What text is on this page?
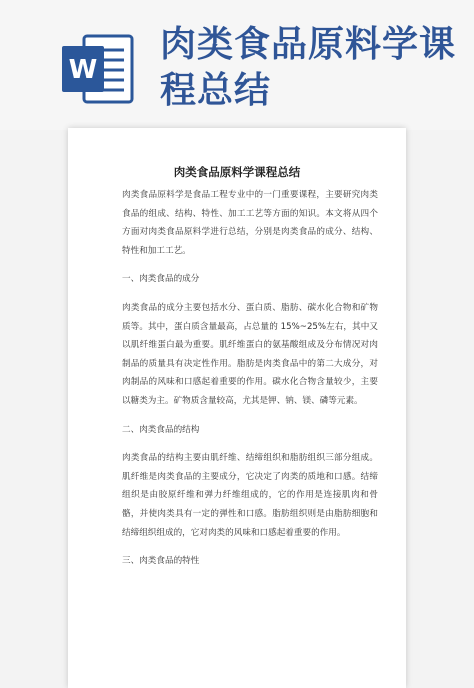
W
肉类食品原料学课程总结
肉类食品原料学课程总结

肉类食品原料学是食品工程专业中的一门重要课程，主要研究肉类食品的组成、结构、特性、加工工艺等方面的知识。本文将从四个方面对肉类食品原料学进行总结，分别是肉类食品的成分、结构、特性和加工工艺。

一、肉类食品的成分

肉类食品的成分主要包括水分、蛋白质、脂肪、碳水化合物和矿物质等。其中，蛋白质含量最高，占总量的 15%~25%左右，其中又以肌纤维蛋白最为重要。肌纤维蛋白的氨基酸组成及分布情况对肉制品的质量具有决定性作用。脂肪是肉类食品中的第二大成分，对肉制品的风味和口感起着重要的作用。碳水化合物含量较少，主要以糖类为主。矿物质含量较高，尤其是钾、钠、镁、磷等元素。

二、肉类食品的结构

肉类食品的结构主要由肌纤维、结缔组织和脂肪组织三部分组成。肌纤维是肉类食品的主要成分，它决定了肉类的质地和口感。结缔组织是由胶原纤维和弹力纤维组成的，它的作用是连接肌肉和骨骼，并使肉类具有一定的弹性和口感。脂肪组织则是由脂肪细胞和结缔组织组成的，它对肉类的风味和口感起着重要的作用。

三、肉类食品的特性
